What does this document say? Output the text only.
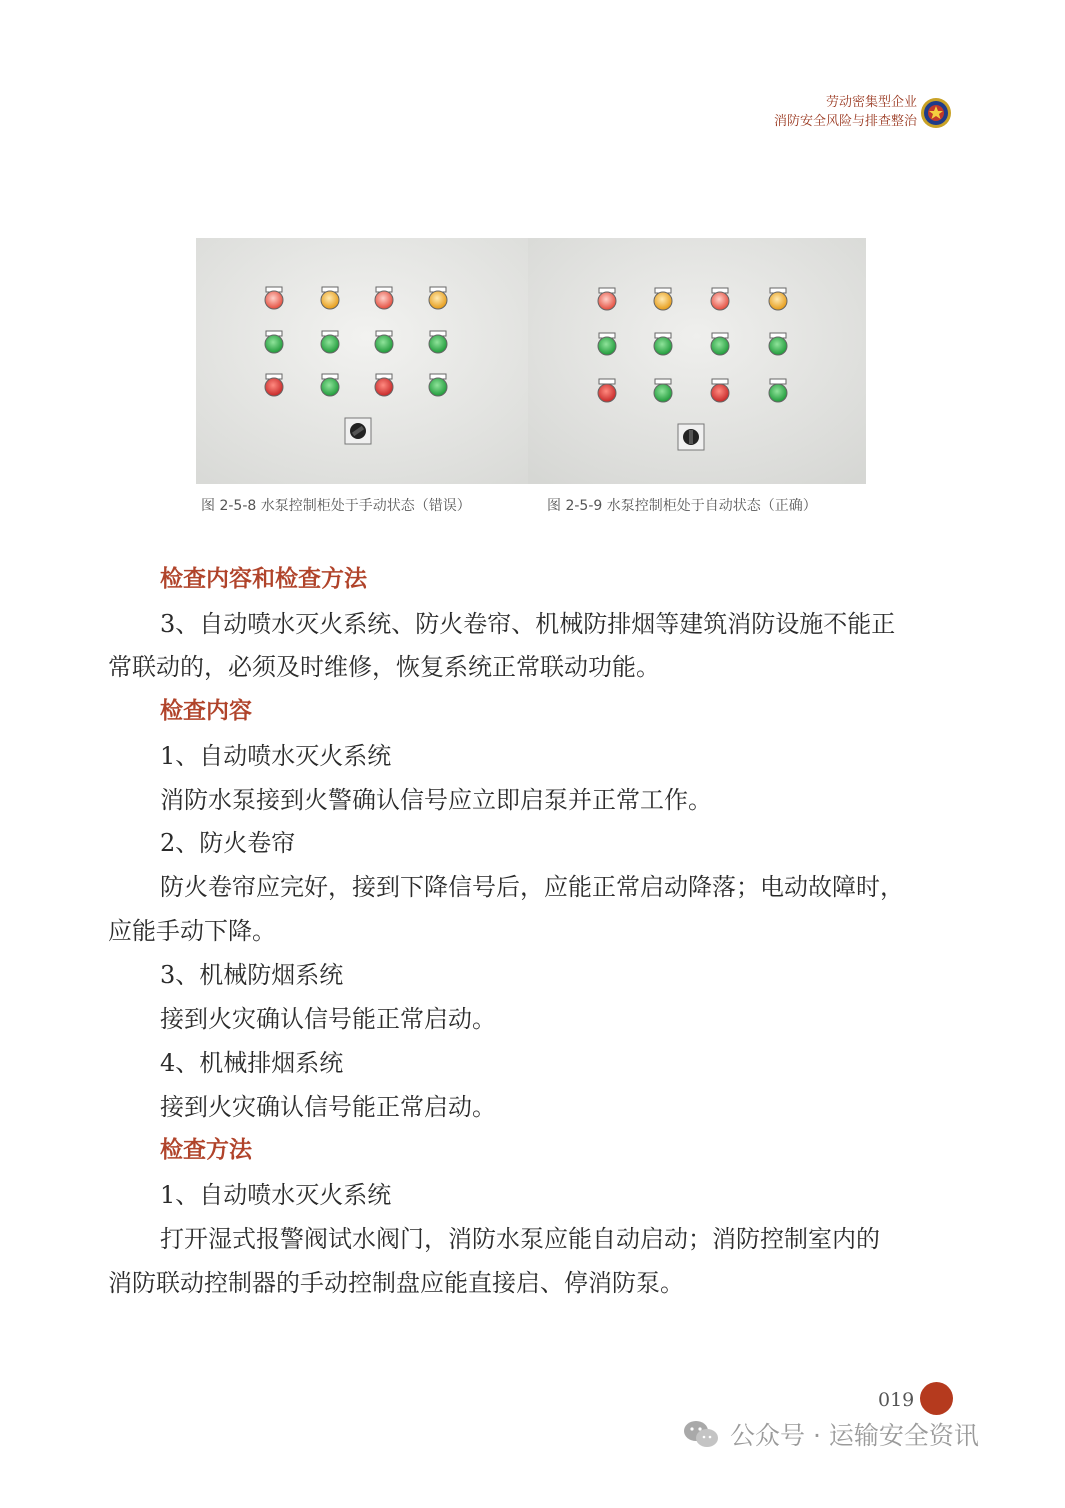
劳动密集型企业
消防安全风险与排查整治
图 2-5-8 水泵控制柜处于手动状态（错误）	图 2-5-9 水泵控制柜处于自动状态（正确）
检查内容和检查方法
3、自动喷水灭火系统、防火卷帘、机械防排烟等建筑消防设施不能正
常联动的，必须及时维修，恢复系统正常联动功能。
检查内容
1、自动喷水灭火系统
消防水泵接到火警确认信号应立即启泵并正常工作。
2、防火卷帘
防火卷帘应完好，接到下降信号后，应能正常启动降落；电动故障时，
应能手动下降。
3、机械防烟系统
接到火灾确认信号能正常启动。
4、机械排烟系统
接到火灾确认信号能正常启动。
检查方法
1、自动喷水灭火系统
打开湿式报警阀试水阀门，消防水泵应能自动启动；消防控制室内的
消防联动控制器的手动控制盘应能直接启、停消防泵。
019
公众号 · 运输安全资讯
